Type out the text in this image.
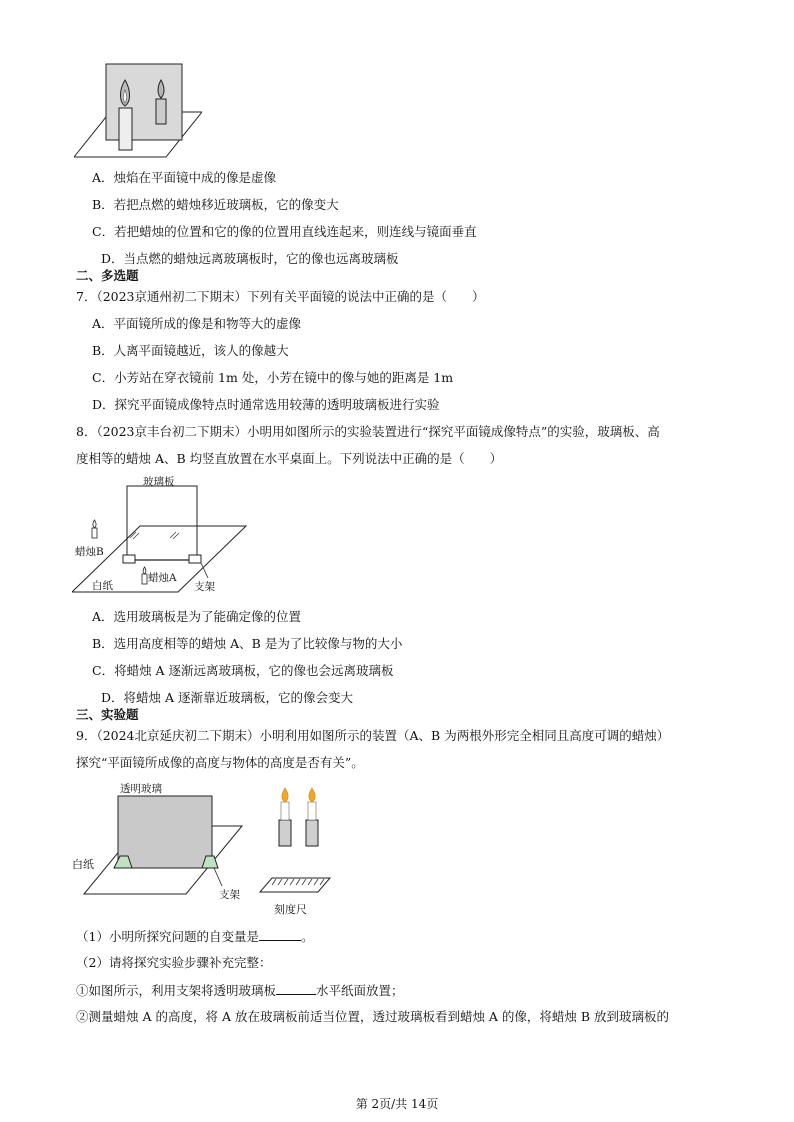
A．烛焰在平面镜中成的像是虚像
B．若把点燃的蜡烛移近玻璃板，它的像变大
C．若把蜡烛的位置和它的像的位置用直线连起来，则连线与镜面垂直
D．当点燃的蜡烛远离玻璃板时，它的像也远离玻璃板
二、多选题
7．（2023京通州初二下期末）下列有关平面镜的说法中正确的是（　　）
A．平面镜所成的像是和物等大的虚像
B．人离平面镜越近，该人的像越大
C．小芳站在穿衣镜前 1m 处，小芳在镜中的像与她的距离是 1m
D．探究平面镜成像特点时通常选用较薄的透明玻璃板进行实验
8．（2023京丰台初二下期末）小明用如图所示的实验装置进行“探究平面镜成像特点”的实验，玻璃板、高
度相等的蜡烛 A、B 均竖直放置在水平桌面上。下列说法中正确的是（　　）
玻璃板
蜡烛B
白纸
蜡烛A
支架
A．选用玻璃板是为了能确定像的位置
B．选用高度相等的蜡烛 A、B 是为了比较像与物的大小
C．将蜡烛 A 逐渐远离玻璃板，它的像也会远离玻璃板
D．将蜡烛 A 逐渐靠近玻璃板，它的像会变大
三、实验题
9．（2024北京延庆初二下期末）小明利用如图所示的装置（A、B 为两根外形完全相同且高度可调的蜡烛）
探究“平面镜所成像的高度与物体的高度是否有关”。
透明玻璃
白纸
支架
刻度尺
（1）小明所探究问题的自变量是	。
（2）请将探究实验步骤补充完整：
①如图所示，利用支架将透明玻璃板	水平纸面放置；
②测量蜡烛 A 的高度，将 A 放在玻璃板前适当位置，透过玻璃板看到蜡烛 A 的像，将蜡烛 B 放到玻璃板的
第 2页/共 14页
